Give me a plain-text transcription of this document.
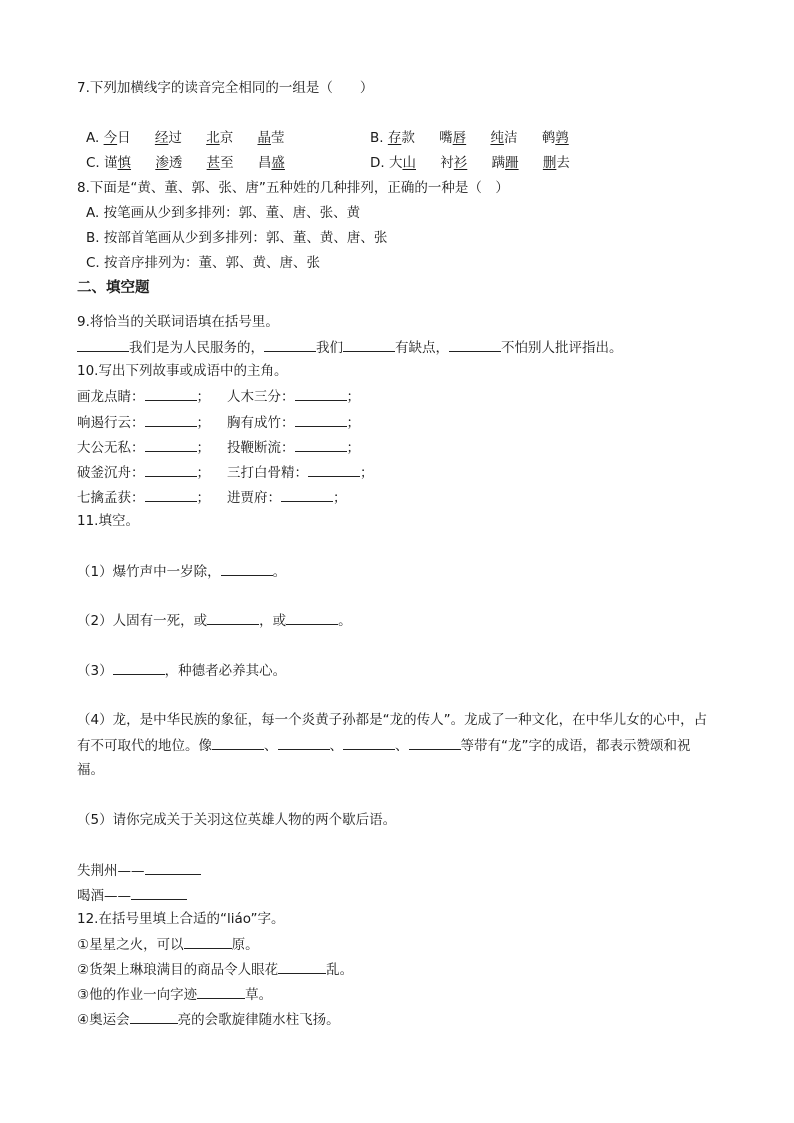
7.下列加横线字的读音完全相同的一组是（　　）
A. 今日 经过 北京 晶莹	B. 存款 嘴唇 纯洁 鹌鹑
C. 谨慎 渗透 甚至 昌盛	D. 大山 衬衫 蹒跚 删去
8.下面是“黄、董、郭、张、唐”五种姓的几种排列，正确的一种是（　）
A. 按笔画从少到多排列：郭、董、唐、张、黄
B. 按部首笔画从少到多排列：郭、董、黄、唐、张
C. 按音序排列为：董、郭、黄、唐、张
二、填空题
9.将恰当的关联词语填在括号里。
我们是为人民服务的，	我们	有缺点，	不怕别人批评指出。
10.写出下列故事或成语中的主角。
画龙点睛：	； 人木三分：	；
响遏行云：	； 胸有成竹：	；
大公无私：	； 投鞭断流：	；
破釜沉舟：	； 三打白骨精：	；
七擒孟获：	； 进贾府：	；
11.填空。
（1）爆竹声中一岁除，	。
（2）人固有一死，或	，或	。
（3）	，种德者必养其心。
（4）龙，是中华民族的象征，每一个炎黄子孙都是“龙的传人”。龙成了一种文化，在中华儿女的心中，占
有不可取代的地位。像	、	、	、	等带有“龙”字的成语，都表示赞颂和祝
福。
（5）请你完成关于关羽这位英雄人物的两个歇后语。
失荆州——
喝酒——
12.在括号里填上合适的“liáo”字。
①星星之火，可以	原。
②货架上琳琅满目的商品令人眼花	乱。
③他的作业一向字迹	草。
④奥运会	亮的会歌旋律随水柱飞扬。
